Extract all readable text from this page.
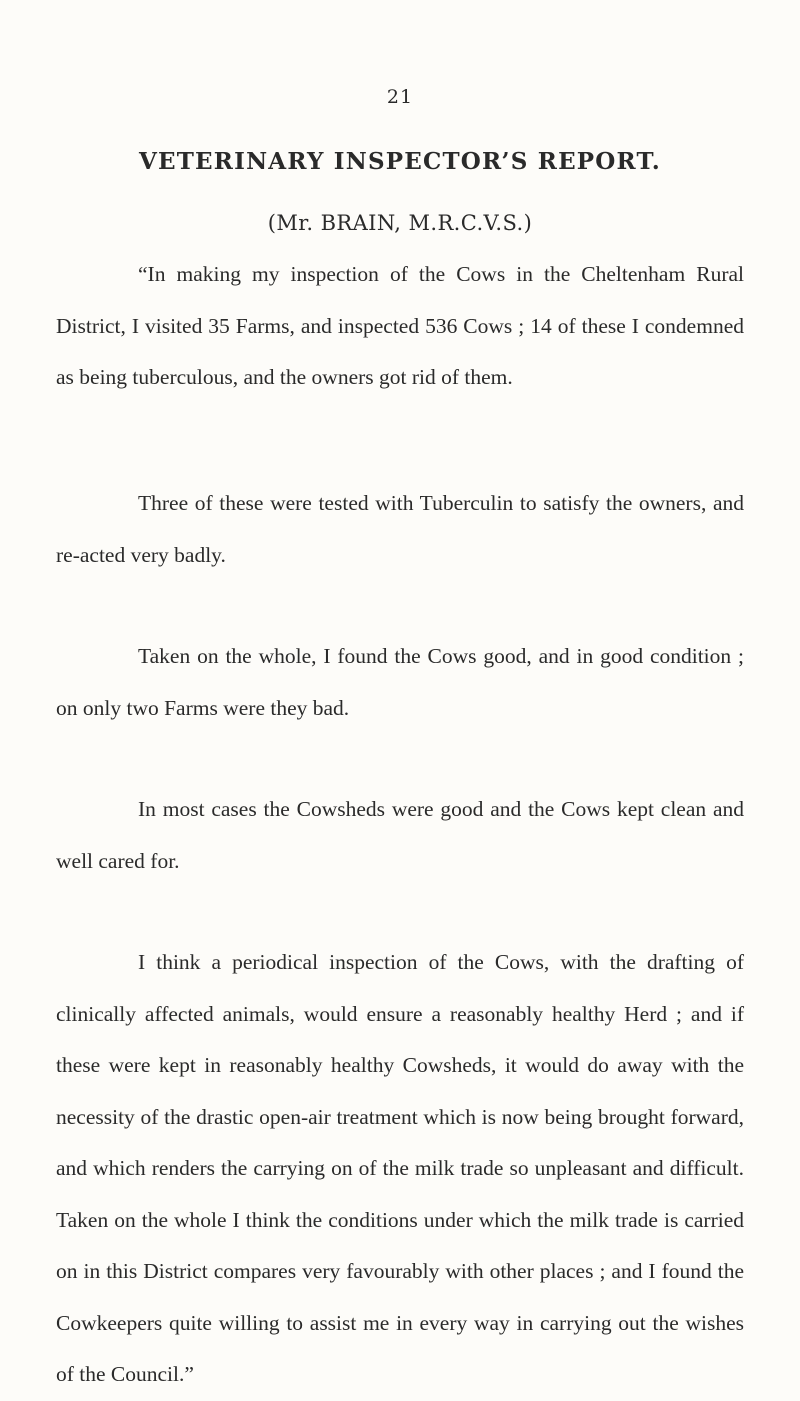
21
VETERINARY INSPECTOR’S REPORT.
(Mr. BRAIN, M.R.C.V.S.)

“In making my inspection of the Cows in the Cheltenham Rural District, I visited 35 Farms, and inspected 536 Cows ; 14 of these I condemned as being tuberculous, and the owners got rid of them.

Three of these were tested with Tuberculin to satisfy the owners, and re-acted very badly.

Taken on the whole, I found the Cows good, and in good condition ; on only two Farms were they bad.

In most cases the Cowsheds were good and the Cows kept clean and well cared for.

I think a periodical inspection of the Cows, with the drafting of clinically affected animals, would ensure a reasonably healthy Herd ; and if these were kept in reasonably healthy Cowsheds, it would do away with the necessity of the drastic open-air treatment which is now being brought forward, and which renders the carrying on of the milk trade so unpleasant and difficult. Taken on the whole I think the conditions under which the milk trade is carried on in this District compares very favourably with other places ; and I found the Cowkeepers quite willing to assist me in every way in carrying out the wishes of the Council.”
